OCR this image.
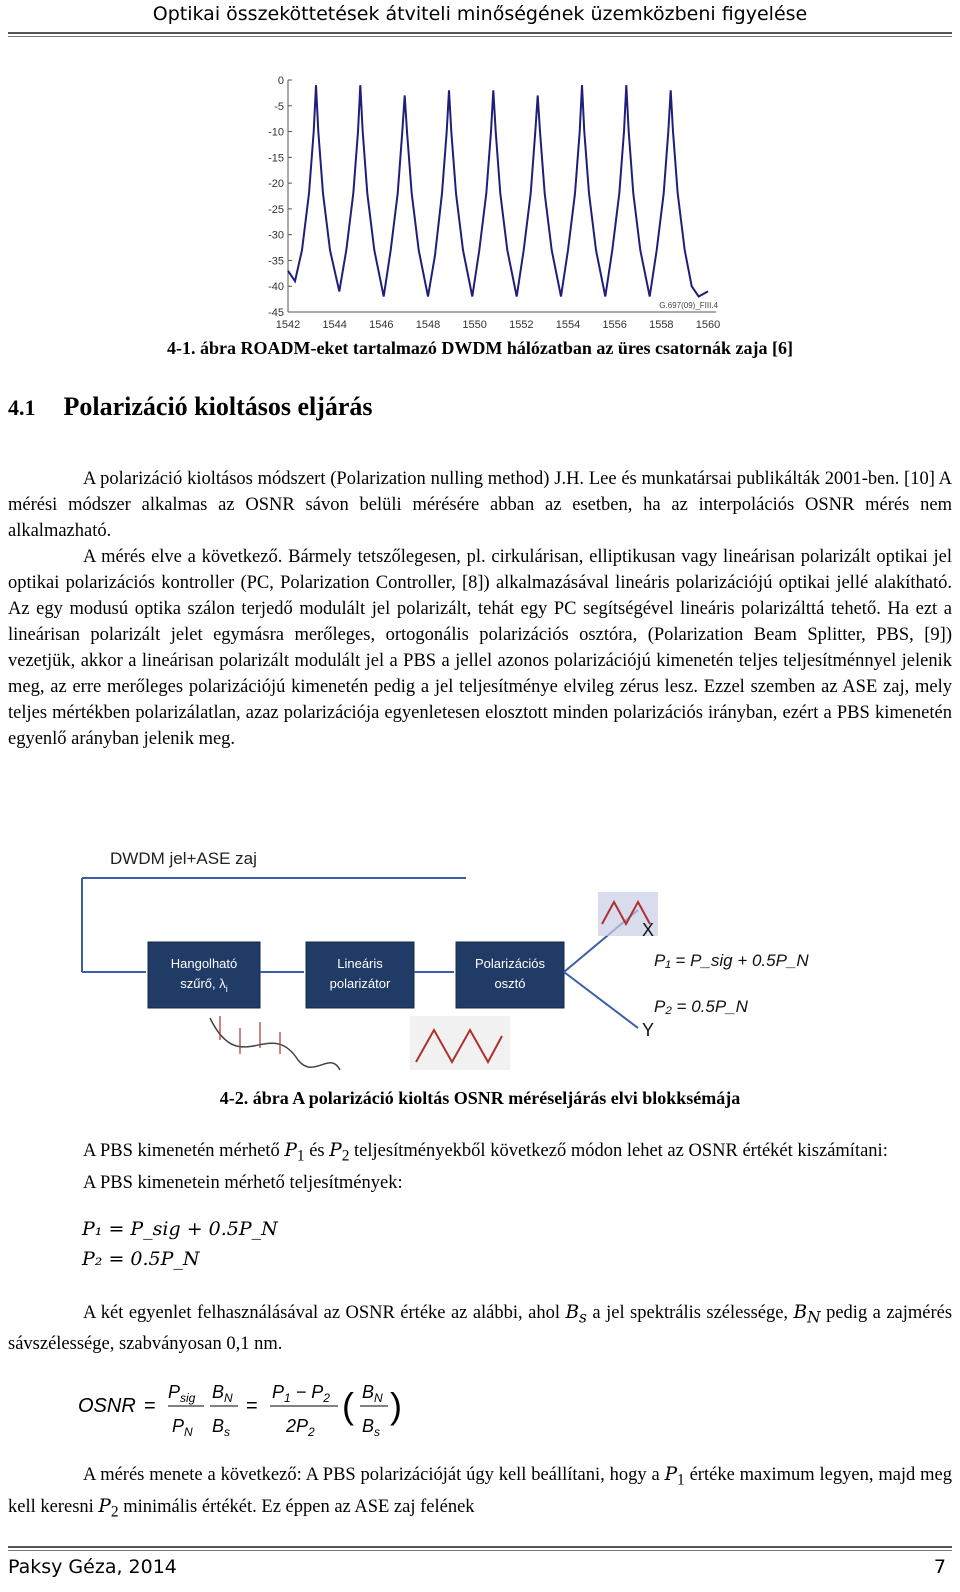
Optikai összeköttetések átviteli minőségének üzemközbeni figyelése
0
-5
-10
-15
-20
-25
-30
-35
-40
-45
1542 1544 1546 1548 1550 1552 1554 1556 1558 1560
G.697(09)_FIII.4
4-1. ábra ROADM-eket tartalmazó DWDM hálózatban az üres csatornák zaja [6]
4.1 Polarizáció kioltásos eljárás

A polarizáció kioltásos módszert (Polarization nulling method) J.H. Lee és munkatársai publikálták 2001-ben. [10] A mérési módszer alkalmas az OSNR sávon belüli mérésére abban az esetben, ha az interpolációs OSNR mérés nem alkalmazható.

A mérés elve a következő. Bármely tetszőlegesen, pl. cirkulárisan, elliptikusan vagy lineárisan polarizált optikai jel optikai polarizációs kontroller (PC, Polarization Controller, [8]) alkalmazásával lineáris polarizációjú optikai jellé alakítható. Az egy modusú optika szálon terjedő modulált jel polarizált, tehát egy PC segítségével lineáris polarizálttá tehető. Ha ezt a lineárisan polarizált jelet egymásra merőleges, ortogonális polarizációs osztóra, (Polarization Beam Splitter, PBS, [9]) vezetjük, akkor a lineárisan polarizált modulált jel a PBS a jellel azonos polarizációjú kimenetén teljes teljesítménnyel jelenik meg, az erre merőleges polarizációjú kimenetén pedig a jel teljesítménye elvileg zérus lesz. Ezzel szemben az ASE zaj, mely teljes mértékben polarizálatlan, azaz polarizációja egyenletesen elosztott minden polarizációs irányban, ezért a PBS kimenetén egyenlő arányban jelenik meg.

DWDM jel+ASE zaj
Hangolható
szűrő, $\lambda_i$
Lineáris
polarizátor
Polarizációs
osztó
X
Y
P₁ = P_sig + 0.5P_N
P₂ = 0.5P_N
4-2. ábra A polarizáció kioltás OSNR méréseljárás elvi blokksémája

A PBS kimenetén mérhető $P_1$ és $P_2$ teljesítményekből következő módon lehet az OSNR értékét kiszámítani:

A PBS kimenetein mérhető teljesítmények:

P₁ = P_sig + 0.5P_N
P₂ = 0.5P_N

A két egyenlet felhasználásával az OSNR értéke az alábbi, ahol $B_s$ a jel spektrális szélessége, $B_N$ pedig a zajmérés sávszélessége, szabványosan 0,1 nm.

OSNR =
$P_{sig}$
$P_N$
$B_N$
$B_s$
=
$P_1 - P_2$
$2P_2$
( $B_N$
$B_s$
)

A mérés menete a következő: A PBS polarizációját úgy kell beállítani, hogy a $P_1$ értéke maximum legyen, majd meg kell keresni $P_2$ minimális értékét. Ez éppen az ASE zaj felének

Paksy Géza, 2014	7
